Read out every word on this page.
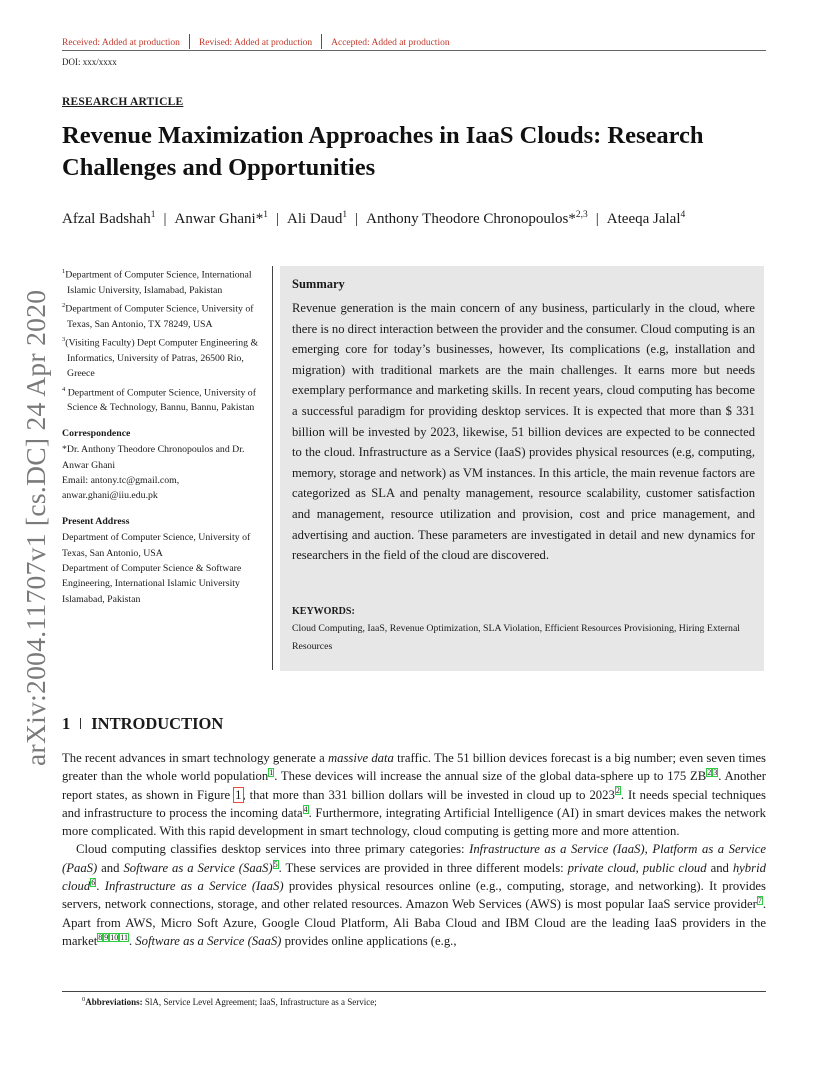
Received: Added at production Revised: Added at production Accepted: Added at production
DOI: xxx/xxxx
RESEARCH ARTICLE
Revenue Maximization Approaches in IaaS Clouds: Research Challenges and Opportunities
Afzal Badshah$^1$ | Anwar Ghani*$^1$ | Ali Daud$^1$ | Anthony Theodore Chronopoulos*$^{2,3}$ | Ateeqa Jalal$^4$
arXiv:2004.11707v1 [cs.DC] 24 Apr 2020

$^1$Department of Computer Science, International Islamic University, Islamabad, Pakistan

$^2$Department of Computer Science, University of Texas, San Antonio, TX 78249, USA

$^3$(Visiting Faculty) Dept Computer Engineering & Informatics, University of Patras, 26500 Rio, Greece

$^4$ Department of Computer Science, University of Science & Technology, Bannu, Bannu, Pakistan

Correspondence
*Dr. Anthony Theodore Chronopoulos and Dr. Anwar Ghani
Email: antony.tc@gmail.com, anwar.ghani@iiu.edu.pk
Present Address
Department of Computer Science, University of Texas, San Antonio, USA
Department of Computer Science & Software Engineering, International Islamic University Islamabad, Pakistan
Summary
Revenue generation is the main concern of any business, particularly in the cloud, where there is no direct interaction between the provider and the consumer. Cloud computing is an emerging core for today’s businesses, however, Its complications (e.g, installation and migration) with traditional markets are the main challenges. It earns more but needs exemplary performance and marketing skills. In recent years, cloud computing has become a successful paradigm for providing desktop services. It is expected that more than $ 331 billion will be invested by 2023, likewise, 51 billion devices are expected to be connected to the cloud. Infrastructure as a Service (IaaS) provides physical resources (e.g, computing, memory, storage and network) as VM instances. In this article, the main revenue factors are categorized as SLA and penalty management, resource scalability, customer satisfaction and management, resource utilization and provision, cost and price management, and advertising and auction. These parameters are investigated in detail and new dynamics for researchers in the field of the cloud are discovered.
KEYWORDS:
Cloud Computing, IaaS, Revenue Optimization, SLA Violation, Efficient Resources Provisioning, Hiring External Resources
1 INTRODUCTION

The recent advances in smart technology generate a massive data traffic. The 51 billion devices forecast is a big number; even seven times greater than the whole world population$^1$. These devices will increase the annual size of the global data-sphere up to 175 ZB$^2$ $^3$. Another report states, as shown in Figure 1, that more than 331 billion dollars will be invested in cloud up to 2023$^2$. It needs special techniques and infrastructure to process the incoming data$^4$. Furthermore, integrating Artificial Intelligence (AI) in smart devices makes the network more complicated. With this rapid development in smart technology, cloud computing is getting more and more attention.

Cloud computing classifies desktop services into three primary categories: Infrastructure as a Service (IaaS), Platform as a Service (PaaS) and Software as a Service (SaaS)$^5$. These services are provided in three different models: private cloud, public cloud and hybrid cloud$^6$. Infrastructure as a Service (IaaS) provides physical resources online (e.g., computing, storage, and networking). It provides servers, network connections, storage, and other related resources. Amazon Web Services (AWS) is most popular IaaS service provider$^7$. Apart from AWS, Micro Soft Azure, Google Cloud Platform, Ali Baba Cloud and IBM Cloud are the leading IaaS providers in the market$^8$ $^9$ $^{10}$ $^{11}$. Software as a Service (SaaS) provides online applications (e.g.,

$^0$Abbreviations: SlA, Service Level Agreement; IaaS, Infrastructure as a Service;
